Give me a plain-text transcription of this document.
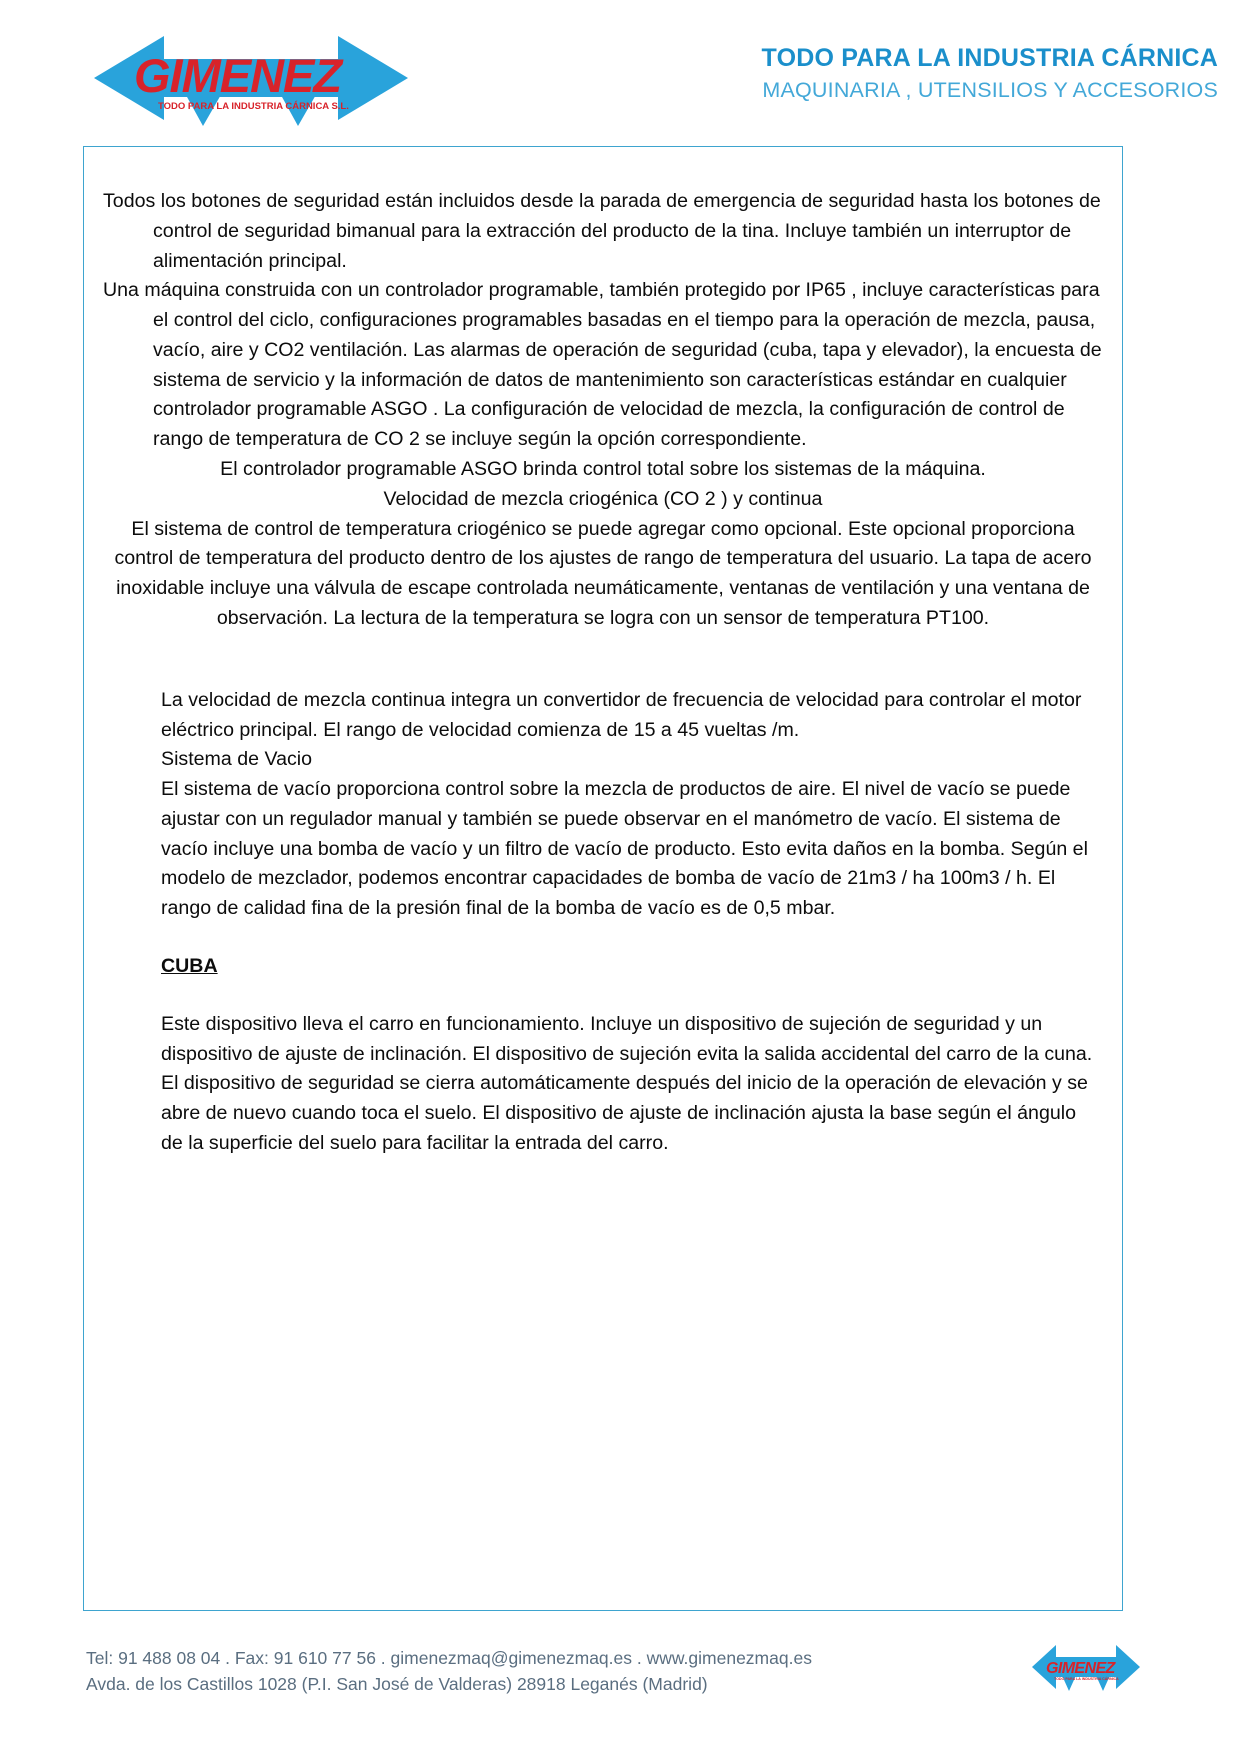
GIMENEZ
TODO PARA LA INDUSTRIA CÁRNICA S.L.
TODO PARA LA INDUSTRIA CÁRNICA
MAQUINARIA , UTENSILIOS Y ACCESORIOS

Todos los botones de seguridad están incluidos desde la parada de emergencia de seguridad hasta los botones de control de seguridad bimanual para la extracción del producto de la tina. Incluye también un interruptor de alimentación principal.

Una máquina construida con un controlador programable, también protegido por IP65 , incluye características para el control del ciclo, configuraciones programables basadas en el tiempo para la operación de mezcla, pausa, vacío, aire y CO2 ventilación. Las alarmas de operación de seguridad (cuba, tapa y elevador), la encuesta de sistema de servicio y la información de datos de mantenimiento son características estándar en cualquier controlador programable ASGO . La configuración de velocidad de mezcla, la configuración de control de rango de temperatura de CO 2 se incluye según la opción correspondiente.

El controlador programable ASGO brinda control total sobre los sistemas de la máquina.

Velocidad de mezcla criogénica (CO 2 ) y continua

El sistema de control de temperatura criogénico se puede agregar como opcional. Este opcional proporciona control de temperatura del producto dentro de los ajustes de rango de temperatura del usuario. La tapa de acero inoxidable incluye una válvula de escape controlada neumáticamente, ventanas de ventilación y una ventana de observación. La lectura de la temperatura se logra con un sensor de temperatura PT100.

La velocidad de mezcla continua integra un convertidor de frecuencia de velocidad para controlar el motor eléctrico principal. El rango de velocidad comienza de 15 a 45 vueltas /m.

Sistema de Vacio

El sistema de vacío proporciona control sobre la mezcla de productos de aire. El nivel de vacío se puede ajustar con un regulador manual y también se puede observar en el manómetro de vacío. El sistema de vacío incluye una bomba de vacío y un filtro de vacío de producto. Esto evita daños en la bomba. Según el modelo de mezclador, podemos encontrar capacidades de bomba de vacío de 21m3 / ha 100m3 / h. El rango de calidad fina de la presión final de la bomba de vacío es de 0,5 mbar.

CUBA

Este dispositivo lleva el carro en funcionamiento. Incluye un dispositivo de sujeción de seguridad y un dispositivo de ajuste de inclinación. El dispositivo de sujeción evita la salida accidental del carro de la cuna. El dispositivo de seguridad se cierra automáticamente después del inicio de la operación de elevación y se abre de nuevo cuando toca el suelo. El dispositivo de ajuste de inclinación ajusta la base según el ángulo de la superficie del suelo para facilitar la entrada del carro.

Tel: 91 488 08 04 . Fax: 91 610 77 56 . gimenezmaq@gimenezmaq.es . www.gimenezmaq.es
Avda. de los Castillos 1028 (P.I. San José de Valderas) 28918 Leganés (Madrid)
GIMENEZ
TODO PARA LA INDUSTRIA CÁRNICA
